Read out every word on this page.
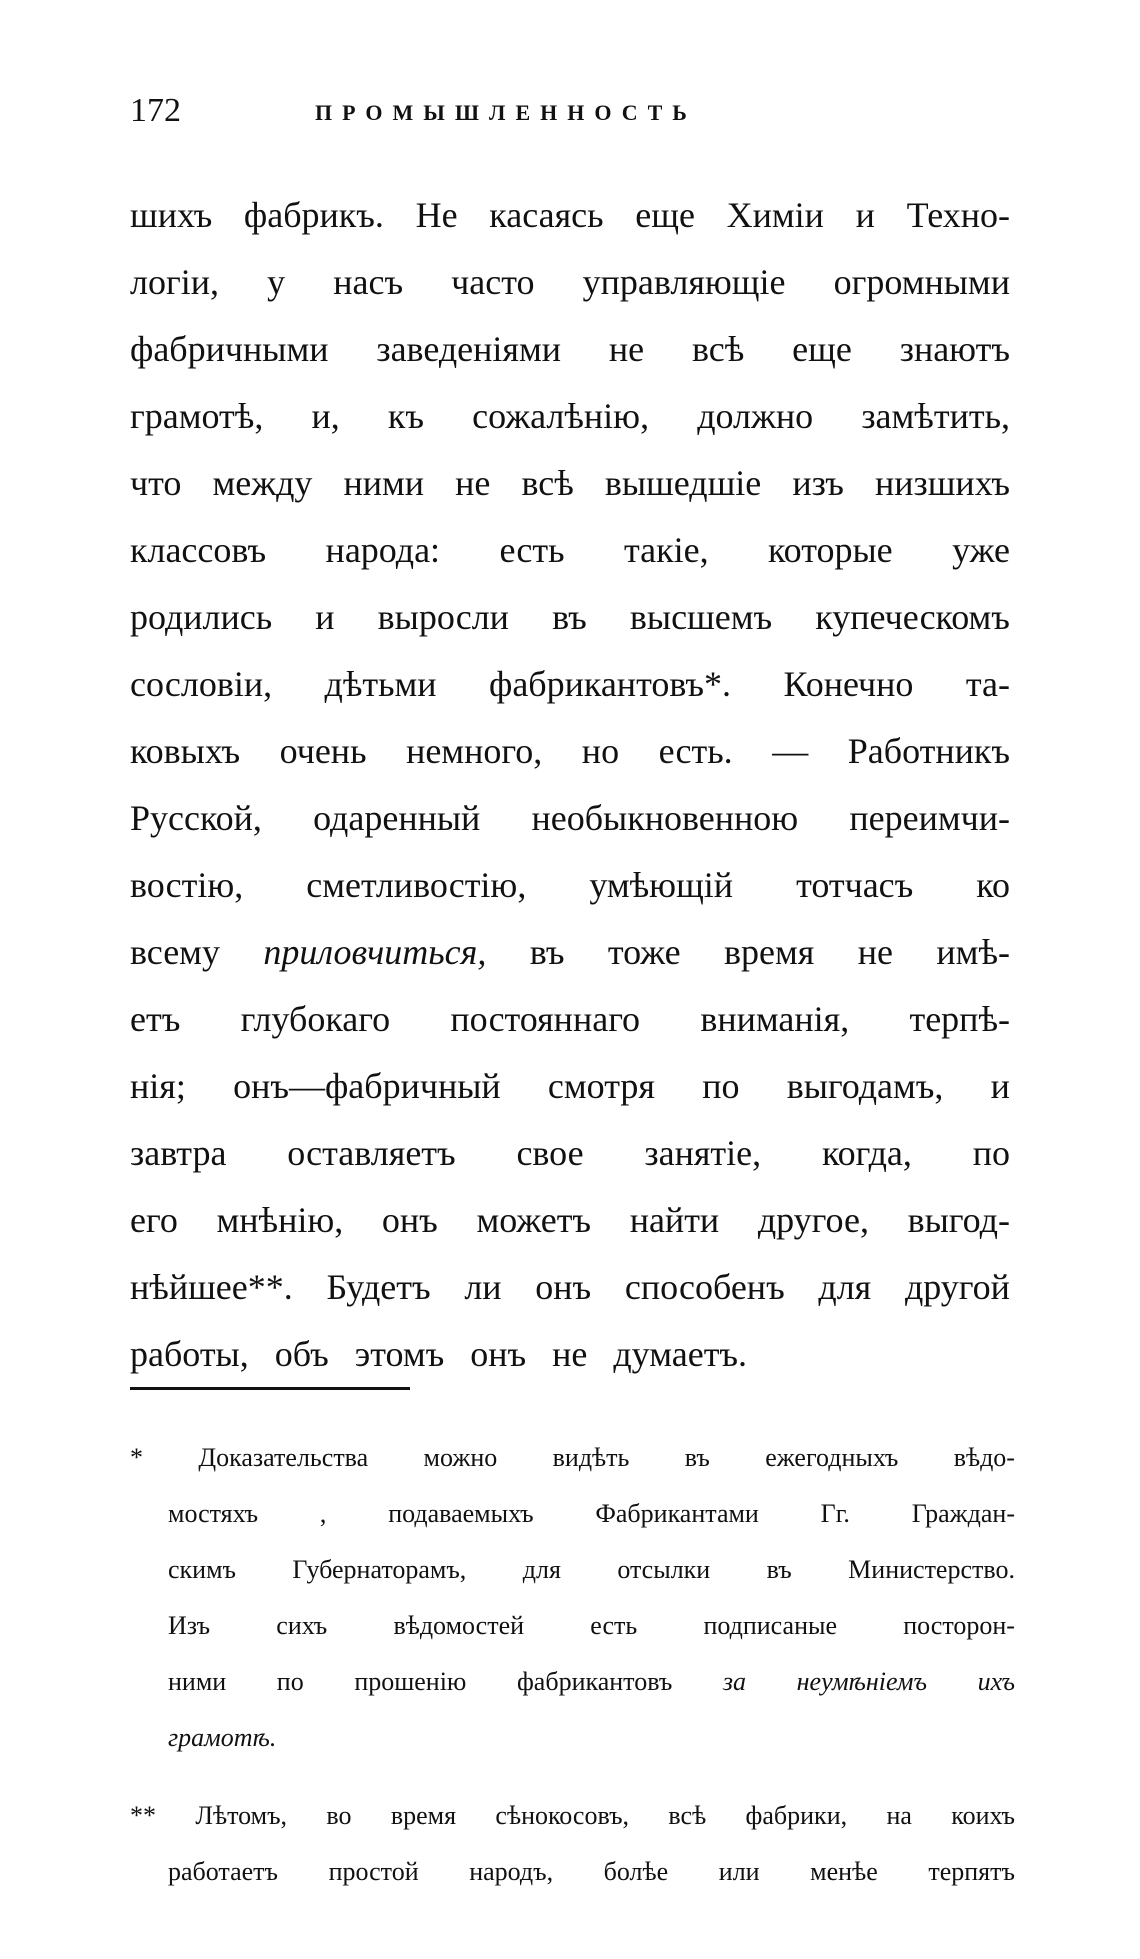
172	ПРОМЫШЛЕННОСТЬ
шихъ фабрикъ. Не касаясь еще Химіи и Техно-
логіи, у насъ часто управляющіе огромными
фабричными заведеніями не всѣ еще знаютъ
грамотѣ, и, къ сожалѣнію, должно замѣтить,
что между ними не всѣ вышедшіе изъ низшихъ
классовъ народа: есть такіе, которые уже
родились и выросли въ высшемъ купеческомъ
сословіи, дѣтьми фабрикантовъ*. Конечно та-
ковыхъ очень немного, но есть. — Работникъ
Русской, одаренный необыкновенною переимчи-
востію, сметливостію, умѣющій тотчасъ ко
всему приловчиться, въ тоже время не имѣ-
етъ глубокаго постояннаго вниманія, терпѣ-
нія; онъ—фабричный смотря по выгодамъ, и
завтра оставляетъ свое занятіе, когда, по
его мнѣнію, онъ можетъ найти другое, выгод-
нѣйшее**. Будетъ ли онъ способенъ для другой
работы, объ этомъ онъ не думаетъ.
* Доказательства можно видѣть въ ежегодныхъ вѣдо-
мостяхъ , подаваемыхъ Фабрикантами Гг. Граждан-
скимъ Губернаторамъ, для отсылки въ Министерство.
Изъ	сихъ	вѣдомостей	есть	подписаные	посторон-
ними по прошенію фабрикантовъ за неумѣніемъ ихъ
грамотѣ.
** Лѣтомъ, во время сѣнокосовъ, всѣ фабрики, на коихъ
работаетъ простой народъ, болѣе или менѣе терпятъ
